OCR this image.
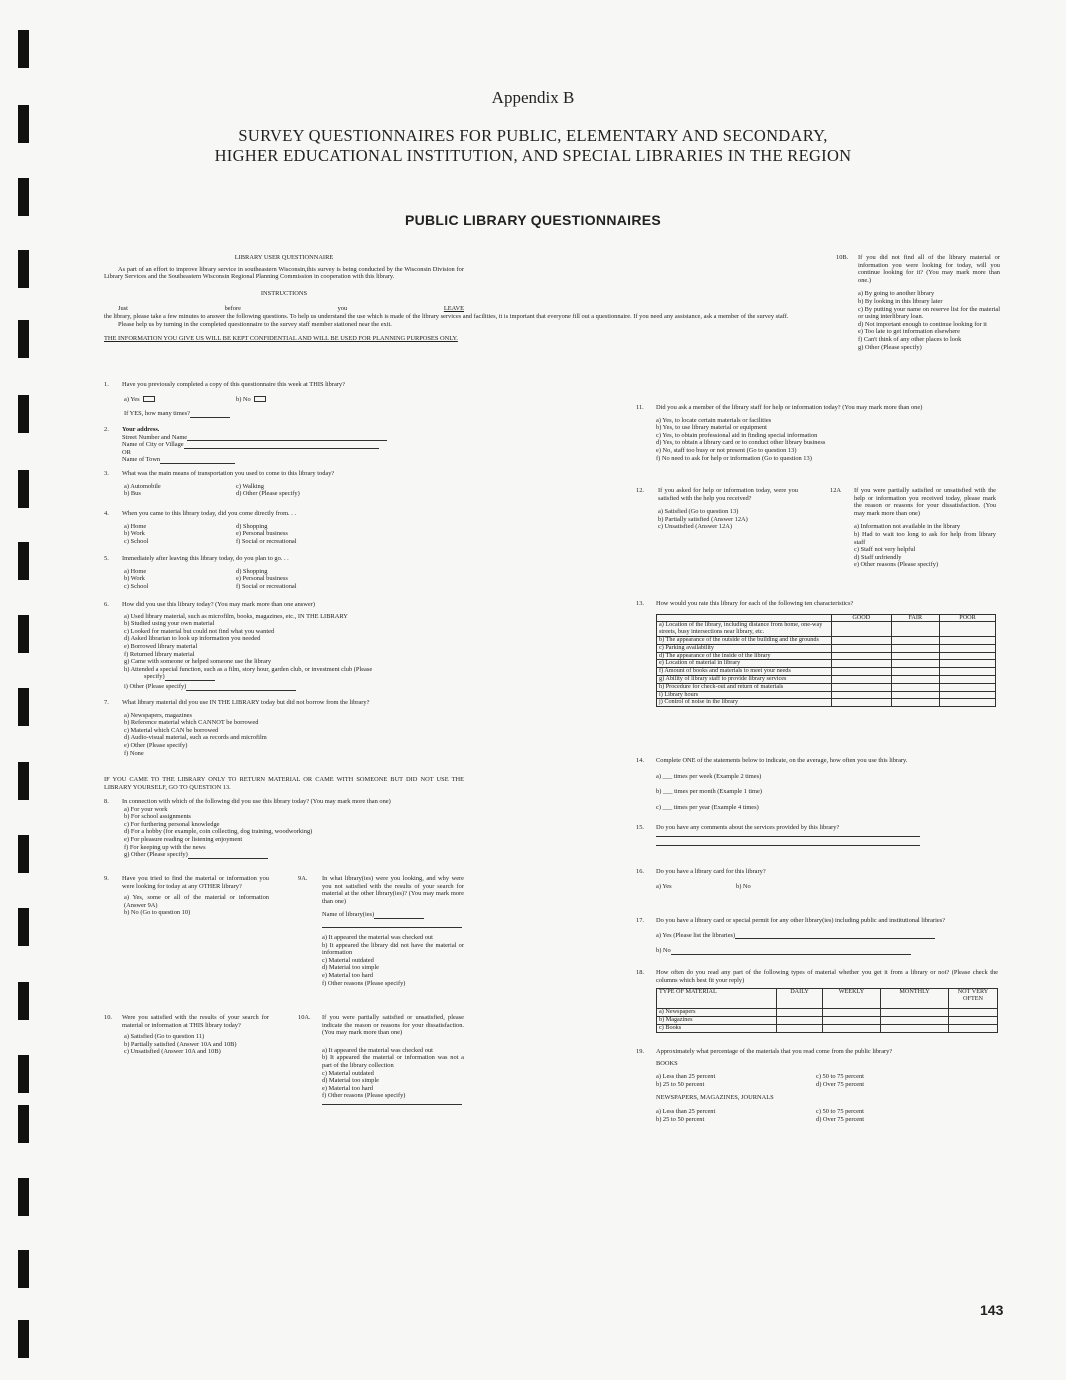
Appendix B
SURVEY QUESTIONNAIRES FOR PUBLIC, ELEMENTARY AND SECONDARY,
HIGHER EDUCATIONAL INSTITUTION, AND SPECIAL LIBRARIES IN THE REGION
PUBLIC LIBRARY QUESTIONNAIRES
143
LIBRARY USER QUESTIONNAIRE
As part of an effort to improve library service in southeastern Wisconsin,this survey is being conducted by the Wisconsin Division for Library Services and the Southeastern Wisconsin Regional Planning Commission in cooperation with this library.
INSTRUCTIONS
Just before you	LEAVE the library, please take a few minutes to answer the following questions. To help us understand the use which is made of the library services and facilities, it is important that everyone fill out a questionnaire. If you need any assistance, ask a member of the survey staff.
Please help us by turning in the completed questionnaire to the survey staff member stationed near the exit.
THE INFORMATION YOU GIVE US WILL BE KEPT CONFIDENTIAL AND WILL BE USED FOR PLANNING PURPOSES ONLY.
1. Have you previously completed a copy of this questionnaire this week at THIS library?
a) Yes	b) No
If YES, how many times?
2. Your address.
Street Number and Name
Name of City or Village
OR
Name of Town
3. What was the main means of transportation you used to come to this library today?
a) Automobile	c) Walking
b) Bus	d) Other (Please specify)
4. When you came to this library today, did you come directly from. . .
a) Home	d) Shopping
b) Work	e) Personal business
c) School	f) Social or recreational
5. Immediately after leaving this library today, do you plan to go. . .
a) Home	d) Shopping
b) Work	e) Personal business
c) School	f) Social or recreational
6. How did you use this library today? (You may mark more than one answer)
a) Used library material, such as microfilm, books, magazines, etc., IN THE LIBRARY
b) Studied using your own material
c) Looked for material but could not find what you wanted
d) Asked librarian to look up information you needed
e) Borrowed library material
f) Returned library material
g) Came with someone or helped someone use the library
h) Attended a special function, such as a film, story hour, garden club, or investment club (Please
specify)
i) Other (Please specify)
7. What library material did you use IN THE LIBRARY today but did not borrow from the library?
a) Newspapers, magazines
b) Reference material which CANNOT be borrowed
c) Material which CAN be borrowed
d) Audio-visual material, such as records and microfilm
e) Other (Please specify)
f) None
IF YOU CAME TO THE LIBRARY ONLY TO RETURN MATERIAL OR CAME WITH SOMEONE BUT DID NOT USE THE LIBRARY YOURSELF, GO TO QUESTION 13.
8. In connection with which of the following did you use this library today? (You may mark more than one)
a) For your work
b) For school assignments
c) For furthering personal knowledge
d) For a hobby (for example, coin collecting, dog training, woodworking)
e) For pleasure reading or listening enjoyment
f) For keeping up with the news
g) Other (Please specify)
9. Have you tried to find the material or information you were looking for today at any OTHER library?
a) Yes, some or all of the material or information (Answer 9A)
b) No (Go to question 10)
9A. In what library(ies) were you looking, and why were you not satisfied with the results of your search for material at the other library(ies)? (You may mark more than one)
Name of library(ies)
a) It appeared the material was checked out
b) It appeared the library did not have the material or information
c) Material outdated
d) Material too simple
e) Material too hard
f) Other reasons (Please specify)
10. Were you satisfied with the results of your search for material or information at THIS library today?
a) Satisfied (Go to question 11)
b) Partially satisfied (Answer 10A and 10B)
c) Unsatisfied (Answer 10A and 10B)
10A. If you were partially satisfied or unsatisfied, please indicate the reason or reasons for your dissatisfaction. (You may mark more than one)
a) It appeared the material was checked out
b) It appeared the material or information was not a part of the library collection
c) Material outdated
d) Material too simple
e) Material too hard
f) Other reasons (Please specify)
10B. If you did not find all of the library material or information you were looking for today, will you continue looking for it? (You may mark more than one.)
a) By going to another library
b) By looking in this library later
c) By putting your name on reserve list for the material or using interlibrary loan.
d) Not important enough to continue looking for it
e) Too late to get information elsewhere
f) Can't think of any other places to look
g) Other (Please specify)
11. Did you ask a member of the library staff for help or information today? (You may mark more than one)
a) Yes, to locate certain materials or facilities
b) Yes, to use library material or equipment
c) Yes, to obtain professional aid in finding special information
d) Yes, to obtain a library card or to conduct other library business
e) No, staff too busy or not present (Go to question 13)
f) No need to ask for help or information (Go to question 13)
12. If you asked for help or information today, were you satisfied with the help you received?
a) Satisfied (Go to question 13)
b) Partially satisfied (Answer 12A)
c) Unsatisfied (Answer 12A)
12A If you were partially satisfied or unsatisfied with the help or information you received today, please mark the reason or reasons for your dissatisfaction. (You may mark more than one)
a) Information not available in the library
b) Had to wait too long to ask for help from library staff
c) Staff not very helpful
d) Staff unfriendly
e) Other reasons (Please specify)
13. How would you rate this library for each of the following ten characteristics?
	GOOD	FAIR	POOR
a) Location of the library, including distance from home, one-way streets, busy intersections near library, etc.			
b) The appearance of the outside of the building and the grounds			
c) Parking availability			
d) The appearance of the inside of the library			
e) Location of material in library			
f) Amount of books and materials to meet your needs			
g) Ability of library staff to provide library services			
h) Procedure for check-out and return of materials			
i) Library hours			
j) Control of noise in the library			
14. Complete ONE of the statements below to indicate, on the average, how often you use this library.
a) ___ times per week (Example 2 times)
b) ___ times per month (Example 1 time)
c) ___ times per year (Example 4 times)
15. Do you have any comments about the services provided by this library?
16. Do you have a library card for this library?
a) Yes	b) No
17. Do you have a library card or special permit for any other library(ies) including public and institutional libraries?
a) Yes (Please list the libraries)
b) No
18. How often do you read any part of the following types of material whether you get it from a library or not? (Please check the columns which best fit your reply)
TYPE OF MATERIAL	DAILY	WEEKLY	MONTHLY	NOT VERY OFTEN
a) Newspapers				
b) Magazines				
c) Books				
19. Approximately what percentage of the materials that you read come from the public library?
BOOKS
a) Less than 25 percent	c) 50 to 75 percent
b) 25 to 50 percent	d) Over 75 percent
NEWSPAPERS, MAGAZINES, JOURNALS
a) Less than 25 percent	c) 50 to 75 percent
b) 25 to 50 percent	d) Over 75 percent
